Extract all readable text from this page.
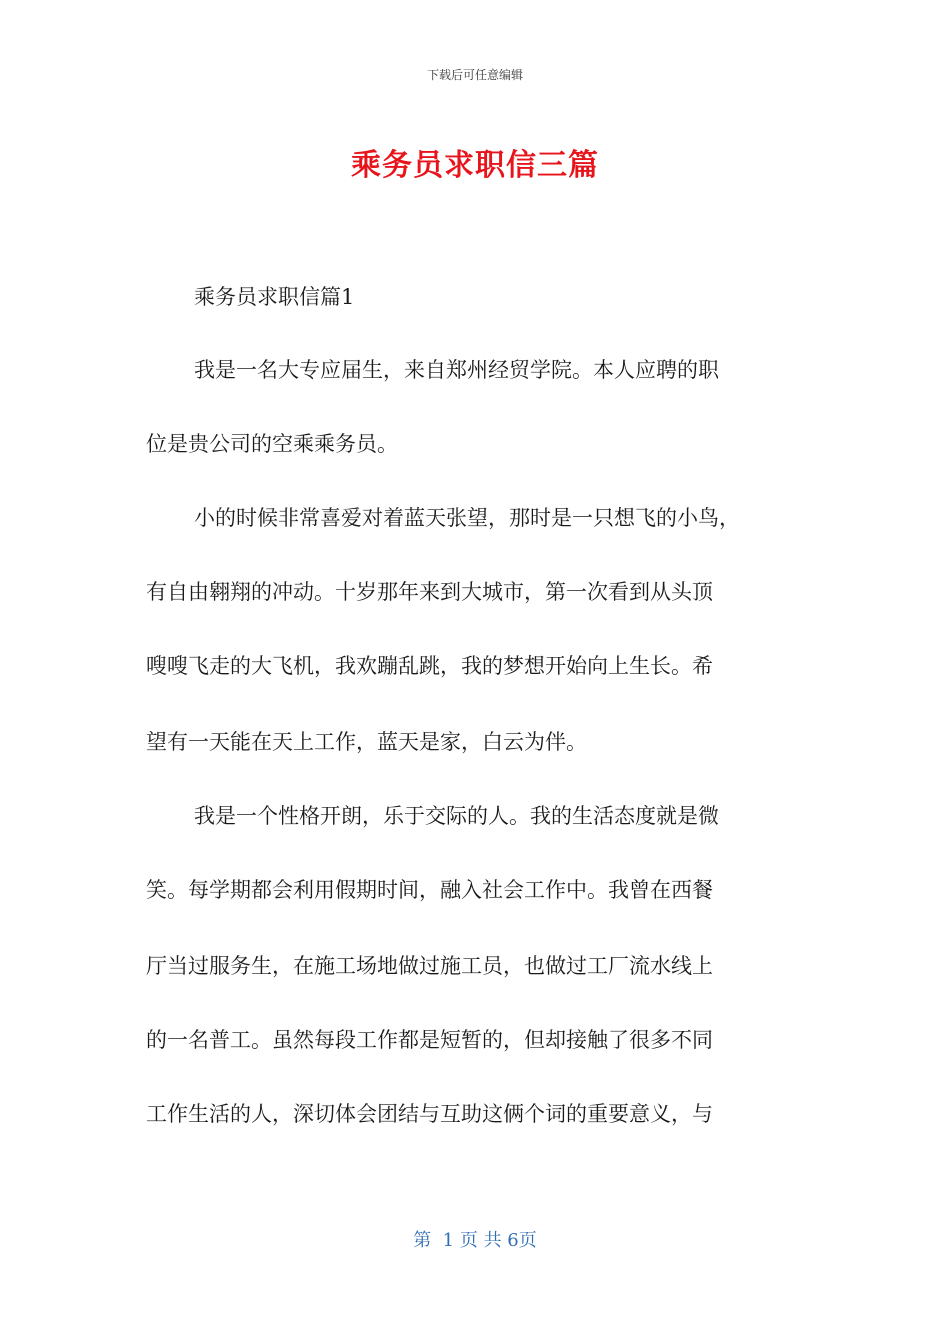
下载后可任意编辑
乘务员求职信三篇
乘务员求职信篇1
我是一名大专应届生，来自郑州经贸学院。本人应聘的职
位是贵公司的空乘乘务员。
小的时候非常喜爱对着蓝天张望，那时是一只想飞的小鸟，
有自由翱翔的冲动。十岁那年来到大城市，第一次看到从头顶
嗖嗖飞走的大飞机，我欢蹦乱跳，我的梦想开始向上生长。希
望有一天能在天上工作，蓝天是家，白云为伴。
我是一个性格开朗，乐于交际的人。我的生活态度就是微
笑。每学期都会利用假期时间，融入社会工作中。我曾在西餐
厅当过服务生，在施工场地做过施工员，也做过工厂流水线上
的一名普工。虽然每段工作都是短暂的，但却接触了很多不同
工作生活的人，深切体会团结与互助这俩个词的重要意义，与
第  1 页 共 6页
